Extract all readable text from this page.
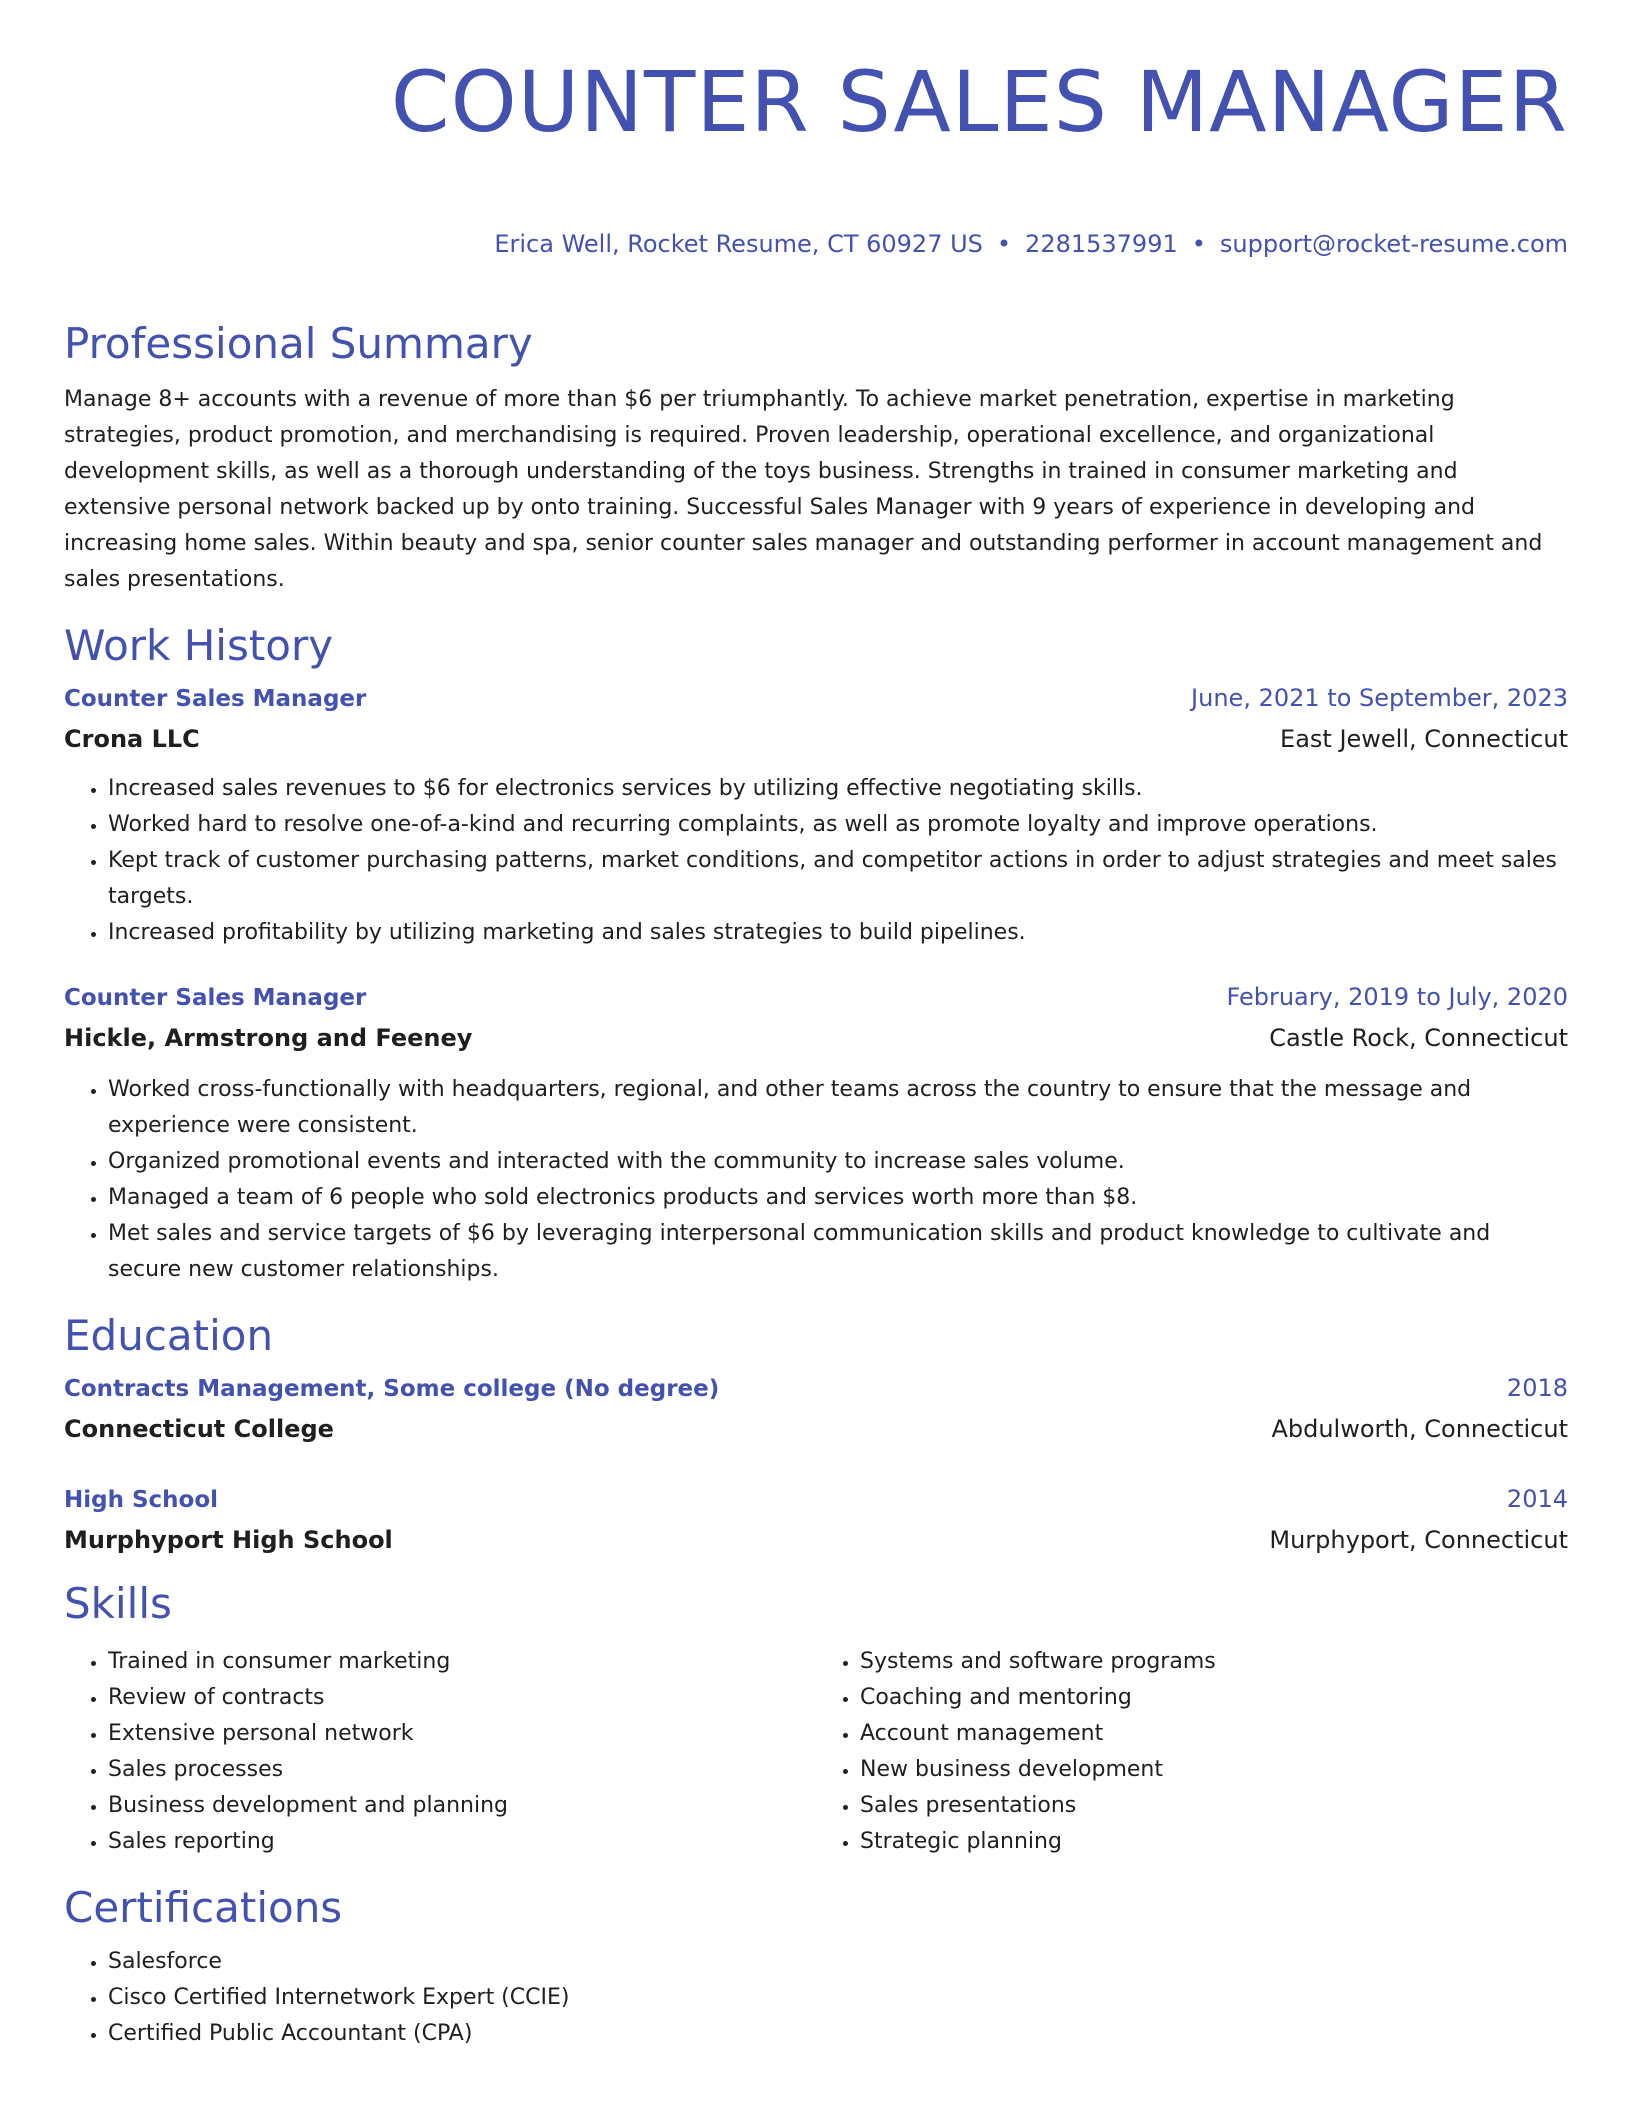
COUNTER SALES MANAGER
Erica Well, Rocket Resume, CT 60927 US • 2281537991 • support@rocket-resume.com
Professional Summary

Manage 8+ accounts with a revenue of more than $6 per triumphantly. To achieve market penetration, expertise in marketing strategies, product promotion, and merchandising is required. Proven leadership, operational excellence, and organizational development skills, as well as a thorough understanding of the toys business. Strengths in trained in consumer marketing and extensive personal network backed up by onto training. Successful Sales Manager with 9 years of experience in developing and increasing home sales. Within beauty and spa, senior counter sales manager and outstanding performer in account management and sales presentations.

Work History
Counter Sales Manager	June, 2021 to September, 2023
Crona LLC	East Jewell, Connecticut
• Increased sales revenues to $6 for electronics services by utilizing effective negotiating skills.
• Worked hard to resolve one-of-a-kind and recurring complaints, as well as promote loyalty and improve operations.
• Kept track of customer purchasing patterns, market conditions, and competitor actions in order to adjust strategies and meet sales targets.
• Increased profitability by utilizing marketing and sales strategies to build pipelines.
Counter Sales Manager	February, 2019 to July, 2020
Hickle, Armstrong and Feeney	Castle Rock, Connecticut
• Worked cross-functionally with headquarters, regional, and other teams across the country to ensure that the message and experience were consistent.
• Organized promotional events and interacted with the community to increase sales volume.
• Managed a team of 6 people who sold electronics products and services worth more than $8.
• Met sales and service targets of $6 by leveraging interpersonal communication skills and product knowledge to cultivate and secure new customer relationships.
Education
Contracts Management, Some college (No degree)	2018
Connecticut College	Abdulworth, Connecticut
High School	2014
Murphyport High School	Murphyport, Connecticut
Skills
• Trained in consumer marketing
• Review of contracts
• Extensive personal network
• Sales processes
• Business development and planning
• Sales reporting
• Systems and software programs
• Coaching and mentoring
• Account management
• New business development
• Sales presentations
• Strategic planning
Certifications
• Salesforce
• Cisco Certified Internetwork Expert (CCIE)
• Certified Public Accountant (CPA)
